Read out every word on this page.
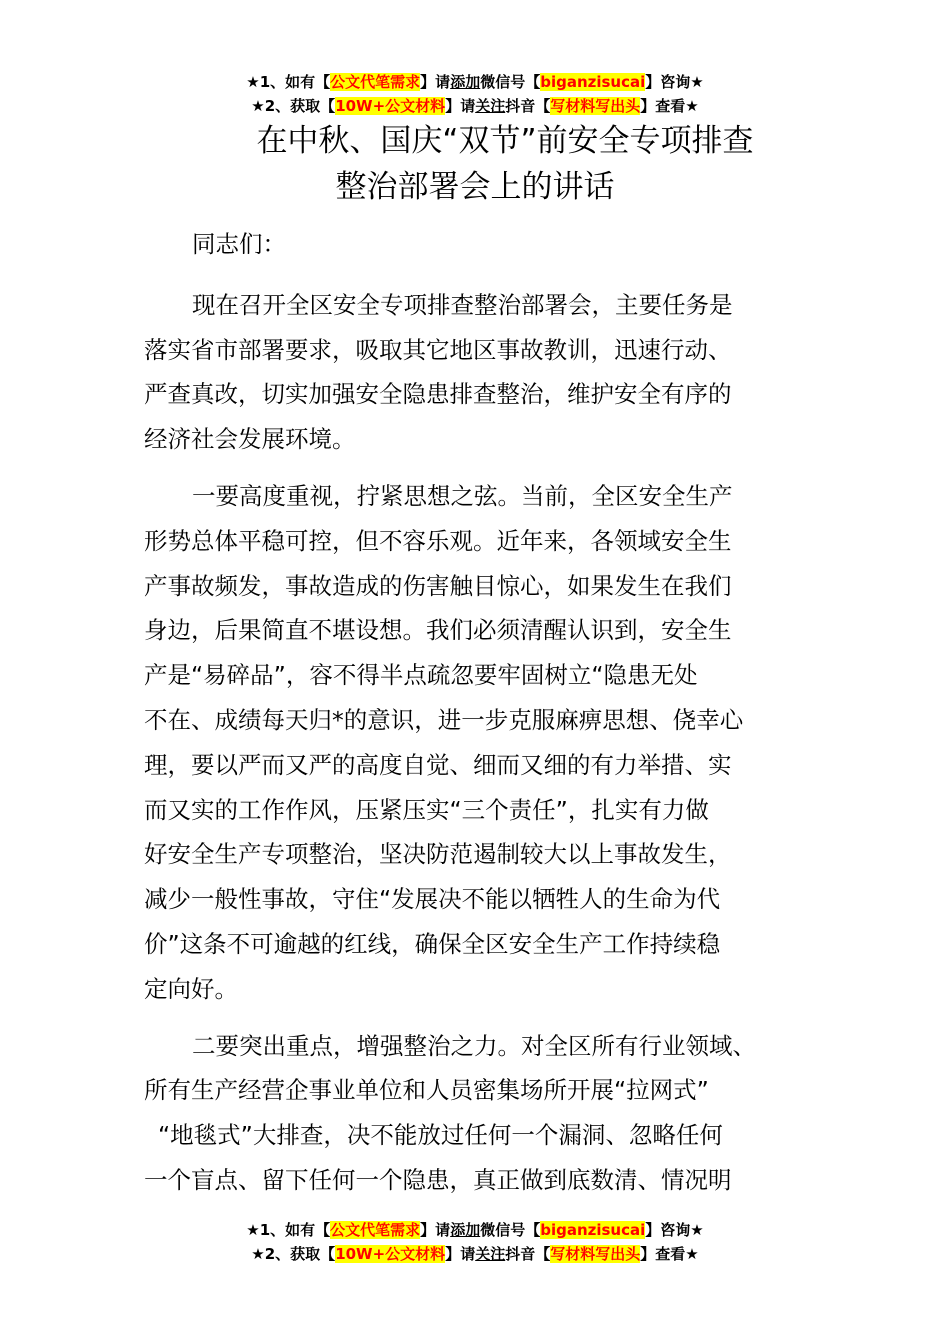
★1、如有【公文代笔需求】请添加微信号【biganzisucai】咨询★
★2、获取【10W+公文材料】请关注抖音【写材料写出头】查看★
在中秋、国庆“双节”前安全专项排查
整治部署会上的讲话

同志们：

现在召开全区安全专项排查整治部署会，主要任务是
落实省市部署要求，吸取其它地区事故教训，迅速行动、
严查真改，切实加强安全隐患排查整治，维护安全有序的
经济社会发展环境。

一要高度重视，拧紧思想之弦。当前，全区安全生产
形势总体平稳可控，但不容乐观。近年来，各领域安全生
产事故频发，事故造成的伤害触目惊心，如果发生在我们
身边，后果简直不堪设想。我们必须清醒认识到，安全生
产是“易碎品”，容不得半点疏忽要牢固树立“隐患无处
不在、成绩每天归*的意识，进一步克服麻痹思想、侥幸心
理，要以严而又严的高度自觉、细而又细的有力举措、实
而又实的工作作风，压紧压实“三个责任”，扎实有力做
好安全生产专项整治，坚决防范遏制较大以上事故发生，
减少一般性事故，守住“发展决不能以牺牲人的生命为代
价”这条不可逾越的红线，确保全区安全生产工作持续稳
定向好。

二要突出重点，增强整治之力。对全区所有行业领域、
所有生产经营企事业单位和人员密集场所开展“拉网式”
“地毯式”大排查，决不能放过任何一个漏洞、忽略任何
一个盲点、留下任何一个隐患，真正做到底数清、情况明

★1、如有【公文代笔需求】请添加微信号【biganzisucai】咨询★
★2、获取【10W+公文材料】请关注抖音【写材料写出头】查看★
